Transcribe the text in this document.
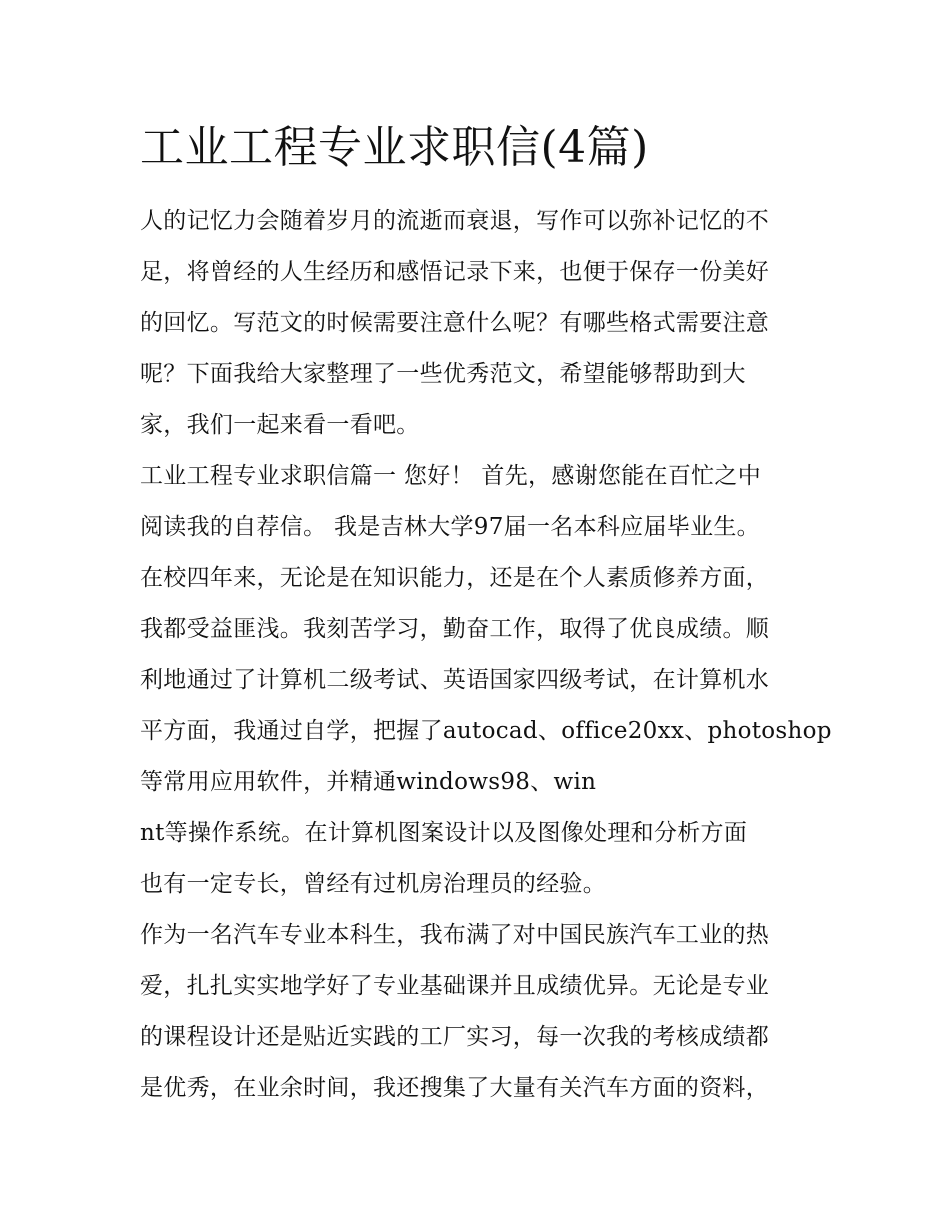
工业工程专业求职信(4篇)
人的记忆力会随着岁月的流逝而衰退，写作可以弥补记忆的不
足，将曾经的人生经历和感悟记录下来，也便于保存一份美好
的回忆。写范文的时候需要注意什么呢？有哪些格式需要注意
呢？下面我给大家整理了一些优秀范文，希望能够帮助到大
家，我们一起来看一看吧。
工业工程专业求职信篇一 您好！ 首先，感谢您能在百忙之中
阅读我的自荐信。 我是吉林大学97届一名本科应届毕业生。
在校四年来，无论是在知识能力，还是在个人素质修养方面，
我都受益匪浅。我刻苦学习，勤奋工作，取得了优良成绩。顺
利地通过了计算机二级考试、英语国家四级考试，在计算机水
平方面，我通过自学，把握了autocad、office20xx、photoshop
等常用应用软件，并精通windows98、win
nt等操作系统。在计算机图案设计以及图像处理和分析方面
也有一定专长，曾经有过机房治理员的经验。
作为一名汽车专业本科生，我布满了对中国民族汽车工业的热
爱，扎扎实实地学好了专业基础课并且成绩优异。无论是专业
的课程设计还是贴近实践的工厂实习，每一次我的考核成绩都
是优秀，在业余时间，我还搜集了大量有关汽车方面的资料，
